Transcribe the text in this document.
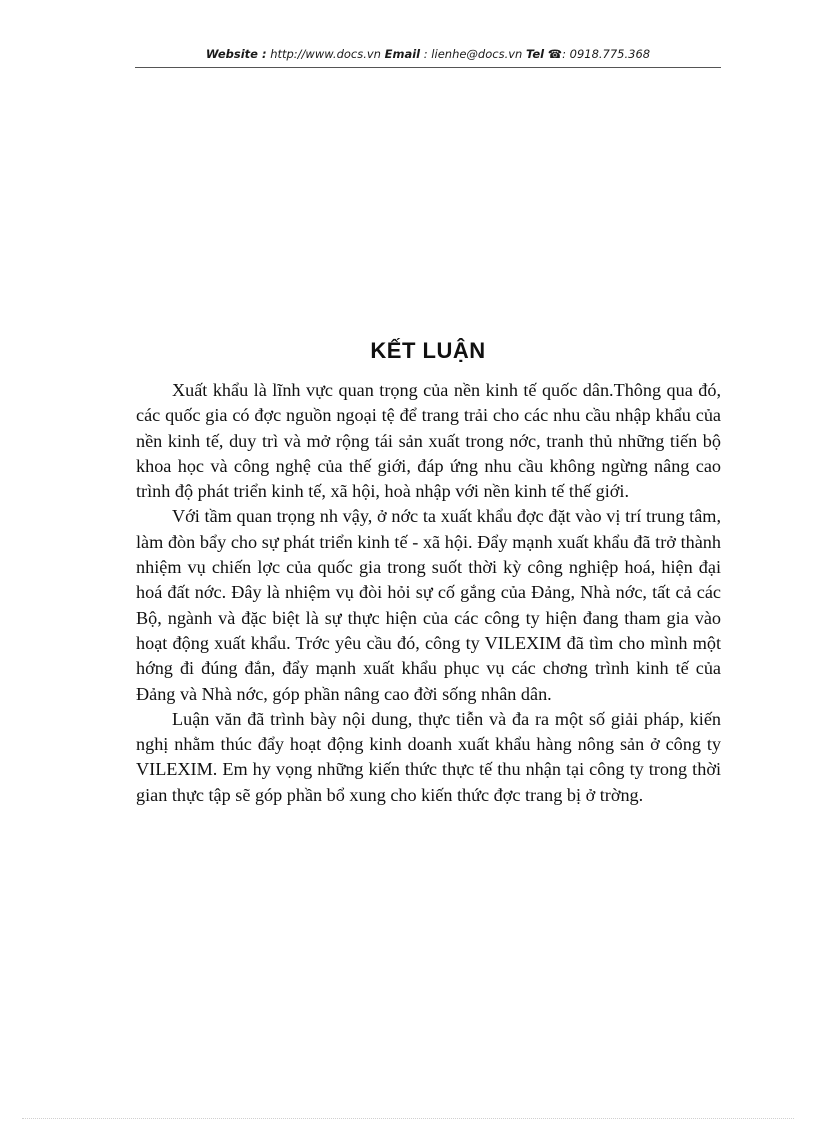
Website : http://www.docs.vn Email : lienhe@docs.vn Tel ☎: 0918.775.368
KẾT LUẬN

Xuất khẩu là lĩnh vực quan trọng của nền kinh tế quốc dân.Thông qua đó, các quốc gia có đợc nguồn ngoại tệ để trang trải cho các nhu cầu nhập khẩu của nền kinh tế, duy trì và mở rộng tái sản xuất trong nớc, tranh thủ những tiến bộ khoa học và công nghệ của thế giới, đáp ứng nhu cầu không ngừng nâng cao trình độ phát triển kinh tế, xã hội, hoà nhập với nền kinh tế thế giới.

Với tầm quan trọng nh vậy, ở nớc ta xuất khẩu đợc đặt vào vị trí trung tâm, làm đòn bẩy cho sự phát triển kinh tế - xã hội. Đẩy mạnh xuất khẩu đã trở thành nhiệm vụ chiến lợc của quốc gia trong suốt thời kỳ công nghiệp hoá, hiện đại hoá đất nớc. Đây là nhiệm vụ đòi hỏi sự cố gắng của Đảng, Nhà nớc, tất cả các Bộ, ngành và đặc biệt là sự thực hiện của các công ty hiện đang tham gia vào hoạt động xuất khẩu. Trớc yêu cầu đó, công ty VILEXIM đã tìm cho mình một hớng đi đúng đắn, đẩy mạnh xuất khẩu phục vụ các chơng trình kinh tế của Đảng và Nhà nớc, góp phần nâng cao đời sống nhân dân.

Luận văn đã trình bày nội dung, thực tiễn và đa ra một số giải pháp, kiến nghị nhằm thúc đẩy hoạt động kinh doanh xuất khẩu hàng nông sản ở công ty VILEXIM. Em hy vọng những kiến thức thực tế thu nhận tại công ty trong thời gian thực tập sẽ góp phần bổ xung cho kiến thức đợc trang bị ở trờng.
